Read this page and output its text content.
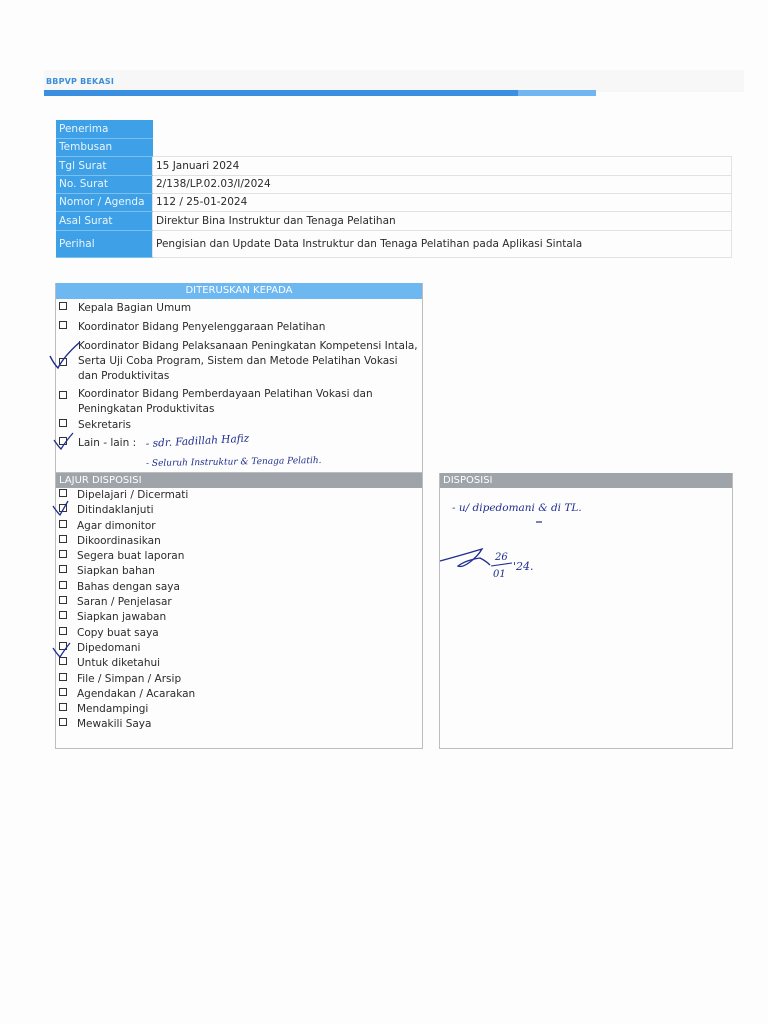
BBPVP BEKASI
Penerima	
Tembusan	
Tgl Surat	15 Januari 2024
No. Surat	2/138/LP.02.03/I/2024
Nomor / Agenda	112 / 25-01-2024
Asal Surat	Direktur Bina Instruktur dan Tenaga Pelatihan
Perihal	Pengisian dan Update Data Instruktur dan Tenaga Pelatihan pada Aplikasi Sintala
DITERUSKAN KEPADA
Kepala Bagian Umum
Koordinator Bidang Penyelenggaraan Pelatihan
Koordinator Bidang Pelaksanaan Peningkatan Kompetensi Intala, Serta Uji Coba Program, Sistem dan Metode Pelatihan Vokasi dan Produktivitas
Koordinator Bidang Pemberdayaan Pelatihan Vokasi dan Peningkatan Produktivitas
Sekretaris
Lain - lain :
LAJUR DISPOSISI
Dipelajari / Dicermati
Ditindaklanjuti
Agar dimonitor
Dikoordinasikan
Segera buat laporan
Siapkan bahan
Bahas dengan saya
Saran / Penjelasar
Siapkan jawaban
Copy buat saya
Dipedomani
Untuk diketahui
File / Simpan / Arsip
Agendakan / Acarakan
Mendampingi
Mewakili Saya
DISPOSISI
- sdr. Fadillah Hafiz
- Seluruh Instruktur & Tenaga Pelatih.
- u/ dipedomani & di TL.
26
01
'24.
